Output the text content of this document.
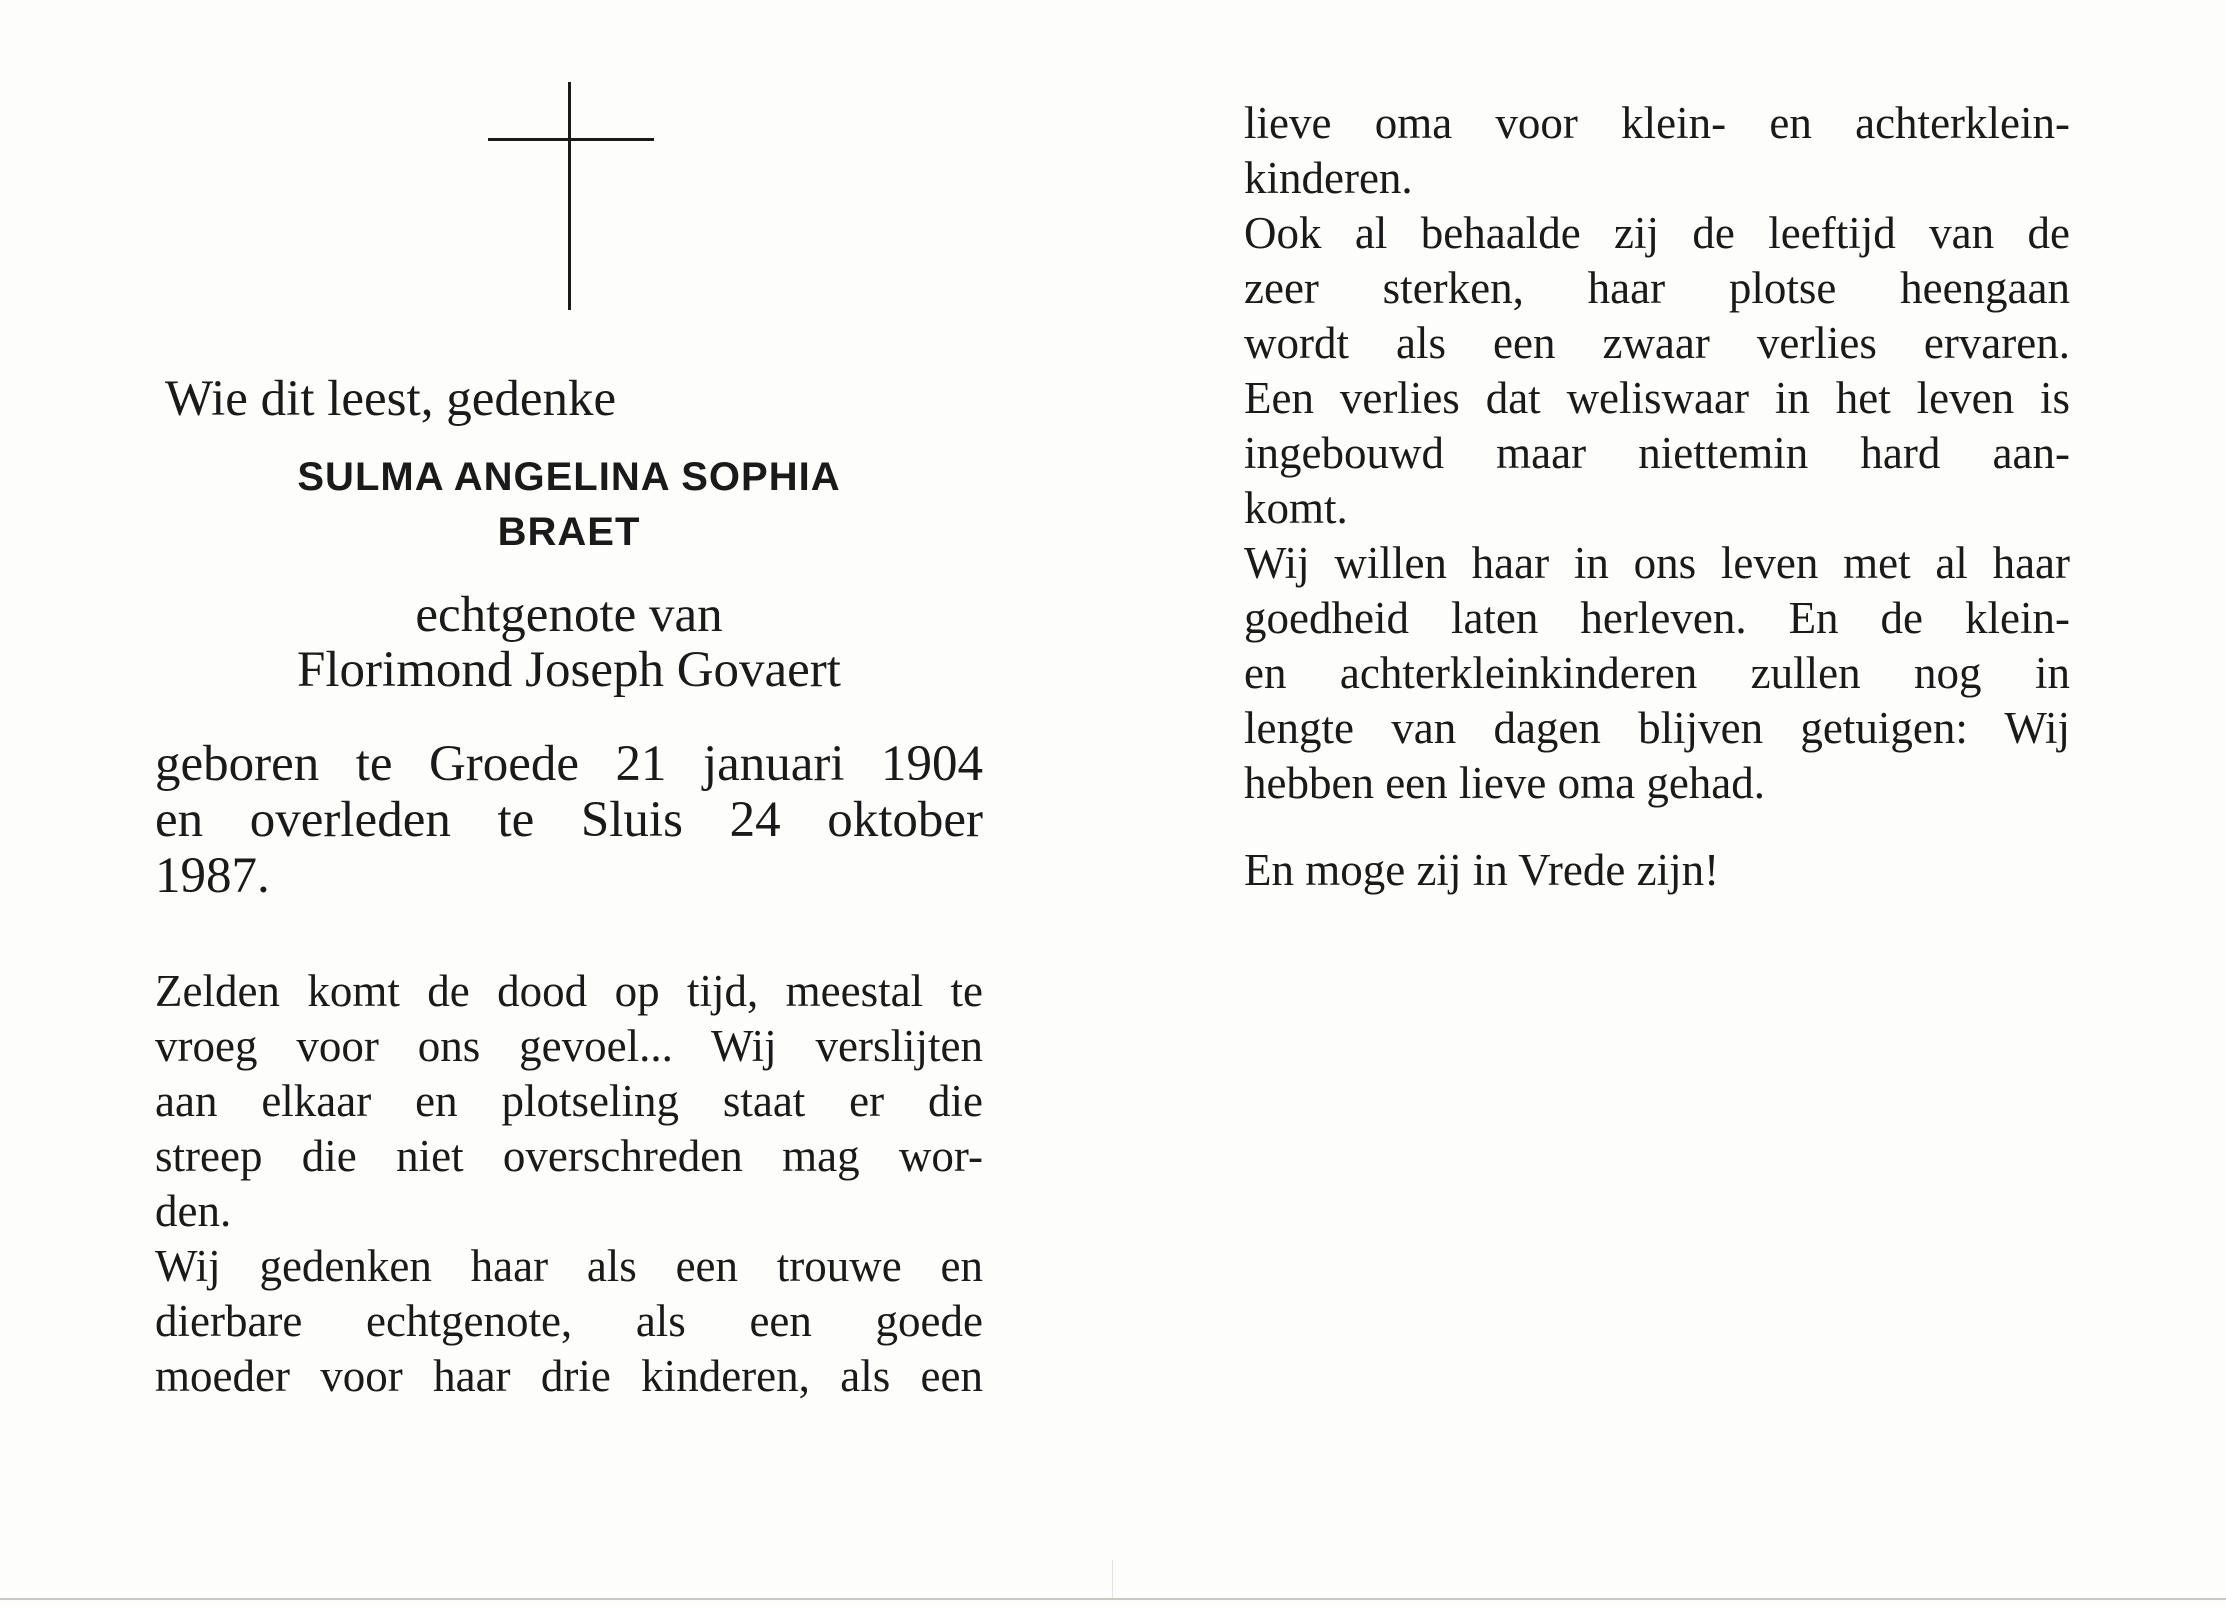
Wie dit leest, gedenke
SULMA ANGELINA SOPHIA
BRAET
echtgenote van
Florimond Joseph Govaert
geboren te Groede 21 januari 1904
en overleden te Sluis 24 oktober
1987.
Zelden komt de dood op tijd, meestal te
vroeg voor ons gevoel... Wij verslijten
aan elkaar en plotseling staat er die
streep die niet overschreden mag wor-
den.
Wij gedenken haar als een trouwe en
dierbare echtgenote, als een goede
moeder voor haar drie kinderen, als een
lieve oma voor klein- en achterklein-
kinderen.
Ook al behaalde zij de leeftijd van de
zeer sterken, haar plotse heengaan
wordt als een zwaar verlies ervaren.
Een verlies dat weliswaar in het leven is
ingebouwd maar niettemin hard aan-
komt.
Wij willen haar in ons leven met al haar
goedheid laten herleven. En de klein-
en achterkleinkinderen zullen nog in
lengte van dagen blijven getuigen: Wij
hebben een lieve oma gehad.
En moge zij in Vrede zijn!
